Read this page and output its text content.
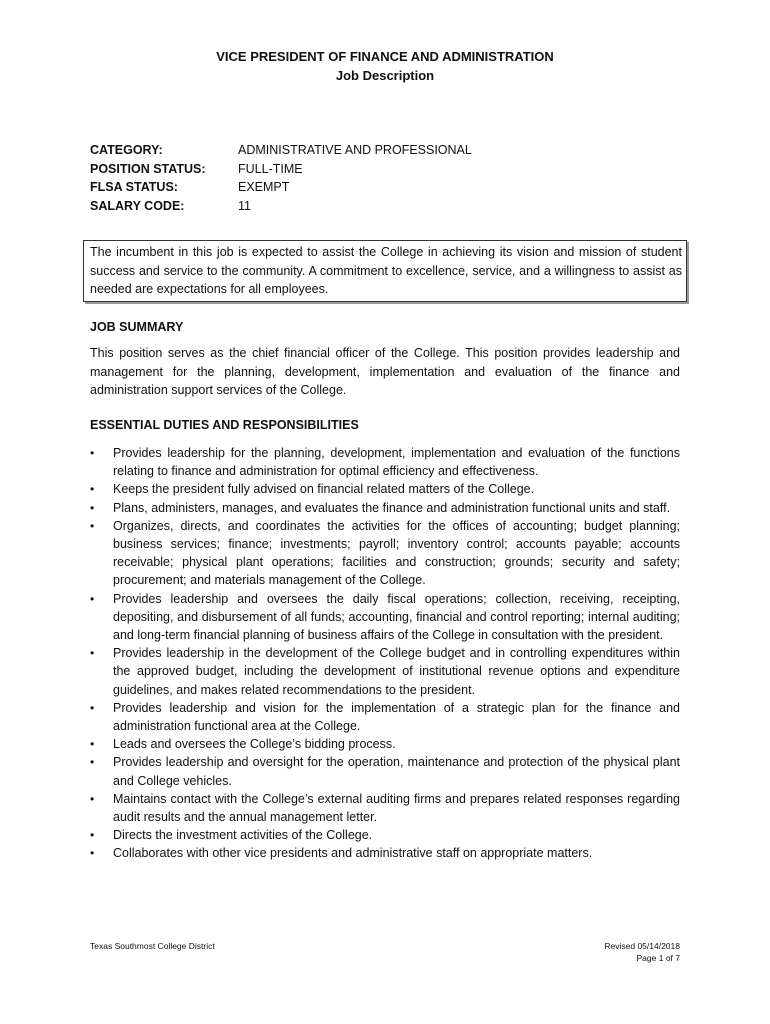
VICE PRESIDENT OF FINANCE AND ADMINISTRATION
Job Description
CATEGORY:	ADMINISTRATIVE AND PROFESSIONAL
POSITION STATUS:	FULL-TIME
FLSA STATUS:	EXEMPT
SALARY CODE:	11
The incumbent in this job is expected to assist the College in achieving its vision and mission of student success and service to the community. A commitment to excellence, service, and a willingness to assist as needed are expectations for all employees.
JOB SUMMARY
This position serves as the chief financial officer of the College. This position provides leadership and management for the planning, development, implementation and evaluation of the finance and administration support services of the College.
ESSENTIAL DUTIES AND RESPONSIBILITIES
• Provides leadership for the planning, development, implementation and evaluation of the functions relating to finance and administration for optimal efficiency and effectiveness.
• Keeps the president fully advised on financial related matters of the College.
• Plans, administers, manages, and evaluates the finance and administration functional units and staff.
• Organizes, directs, and coordinates the activities for the offices of accounting; budget planning; business services; finance; investments; payroll; inventory control; accounts payable; accounts receivable; physical plant operations; facilities and construction; grounds; security and safety; procurement; and materials management of the College.
• Provides leadership and oversees the daily fiscal operations; collection, receiving, receipting, depositing, and disbursement of all funds; accounting, financial and control reporting; internal auditing; and long-term financial planning of business affairs of the College in consultation with the president.
• Provides leadership in the development of the College budget and in controlling expenditures within the approved budget, including the development of institutional revenue options and expenditure guidelines, and makes related recommendations to the president.
• Provides leadership and vision for the implementation of a strategic plan for the finance and administration functional area at the College.
• Leads and oversees the College’s bidding process.
• Provides leadership and oversight for the operation, maintenance and protection of the physical plant and College vehicles.
• Maintains contact with the College’s external auditing firms and prepares related responses regarding audit results and the annual management letter.
• Directs the investment activities of the College.
• Collaborates with other vice presidents and administrative staff on appropriate matters.
Texas Southmost College District	Revised 05/14/2018
Page 1 of 7
